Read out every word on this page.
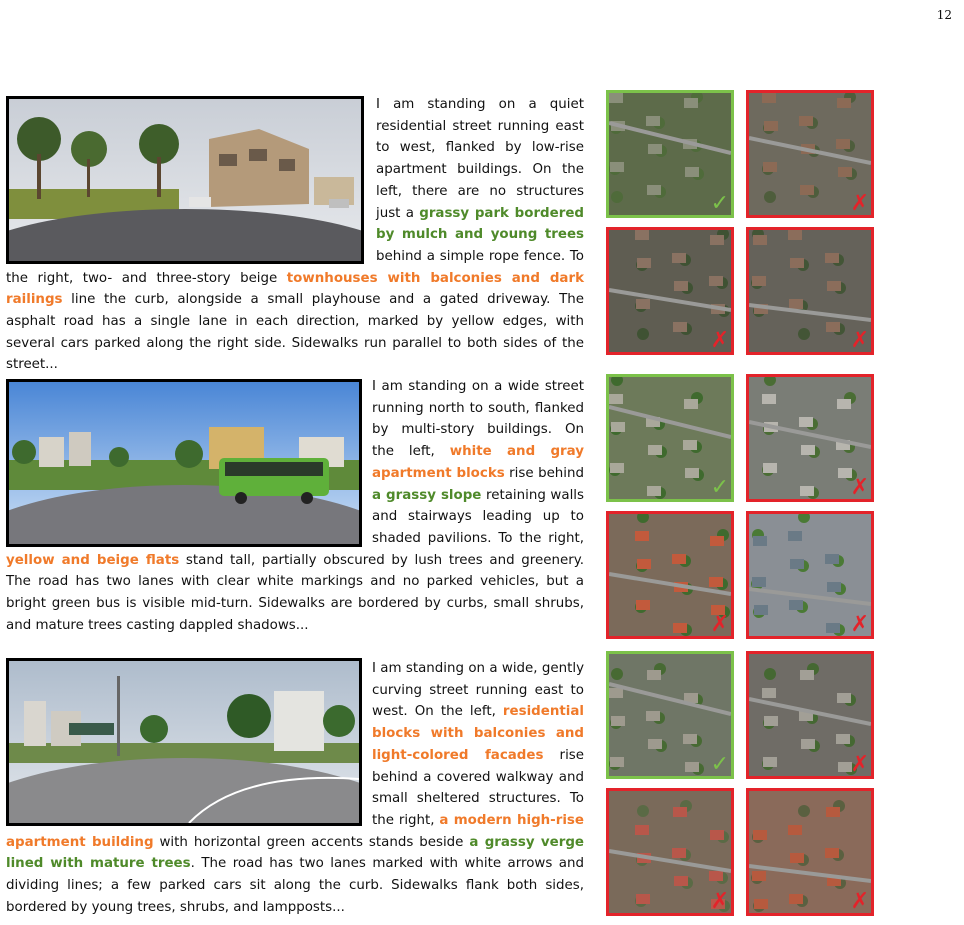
12
I am standing on a quiet residential street running east to west, flanked by low-rise apartment buildings. On the left, there are no structures just a grassy park bordered by mulch and young trees behind a simple rope fence. To the right, two- and three-story beige townhouses with balconies and dark railings line the curb, alongside a small playhouse and a gated driveway. The asphalt road has a single lane in each direction, marked by yellow edges, with several cars parked along the right side. Sidewalks run parallel to both sides of the street...
I am standing on a wide street running north to south, flanked by multi-story buildings. On the left, white and gray apartment blocks rise behind a grassy slope retaining walls and stairways leading up to shaded pavilions. To the right, yellow and beige flats stand tall, partially obscured by lush trees and greenery. The road has two lanes with clear white markings and no parked vehicles, but a bright green bus is visible mid-turn. Sidewalks are bordered by curbs, small shrubs, and mature trees casting dappled shadows...
I am standing on a wide, gently curving street running east to west. On the left, residential blocks with balconies and light-colored facades rise behind a covered walkway and small sheltered structures. To the right, a modern high-rise apartment building with horizontal green accents stands beside a grassy verge lined with mature trees. The road has two lanes marked with white arrows and dividing lines; a few parked cars sit along the curb. Sidewalks flank both sides, bordered by young trees, shrubs, and lampposts...
✓	✗
✗	✗
✓	✗
✗	✗
✓	✗
✗	✗
